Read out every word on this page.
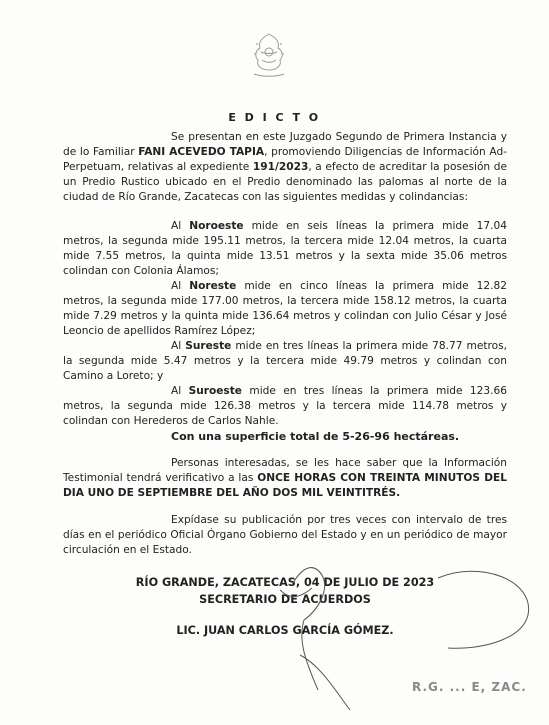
E D I C T O

Se presentan en este Juzgado Segundo de Primera Instancia y de lo Familiar FANI ACEVEDO TAPIA, promoviendo Diligencias de Información Ad-Perpetuam, relativas al expediente 191/2023, a efecto de acreditar la posesión de un Predio Rustico ubicado en el Predio denominado las palomas al norte de la ciudad de Río Grande, Zacatecas con las siguientes medidas y colindancias:

Al Noroeste mide en seis líneas la primera mide 17.04 metros, la segunda mide 195.11 metros, la tercera mide 12.04 metros, la cuarta mide 7.55 metros, la quinta mide 13.51 metros y la sexta mide 35.06 metros colindan con Colonia Álamos;

Al Noreste mide en cinco líneas la primera mide 12.82 metros, la segunda mide 177.00 metros, la tercera mide 158.12 metros, la cuarta mide 7.29 metros y la quinta mide 136.64 metros y colindan con Julio César y José Leoncio de apellidos Ramírez López;

Al Sureste mide en tres líneas la primera mide 78.77 metros, la segunda mide 5.47 metros y la tercera mide 49.79 metros y colindan con Camino a Loreto; y

Al Suroeste mide en tres líneas la primera mide 123.66 metros, la segunda mide 126.38 metros y la tercera mide 114.78 metros y colindan con Herederos de Carlos Nahle.

Con una superficie total de 5-26-96 hectáreas.

Personas interesadas, se les hace saber que la Información Testimonial tendrá verificativo a las ONCE HORAS CON TREINTA MINUTOS DEL DIA UNO DE SEPTIEMBRE DEL AÑO DOS MIL VEINTITRÉS.

Expídase su publicación por tres veces con intervalo de tres días en el periódico Oficial Órgano Gobierno del Estado y en un periódico de mayor circulación en el Estado.

RÍO GRANDE, ZACATECAS, 04 DE JULIO DE 2023
SECRETARIO DE ACUERDOS
LIC. JUAN CARLOS GARCÍA GÓMEZ.
R.G. ... E, ZAC.
